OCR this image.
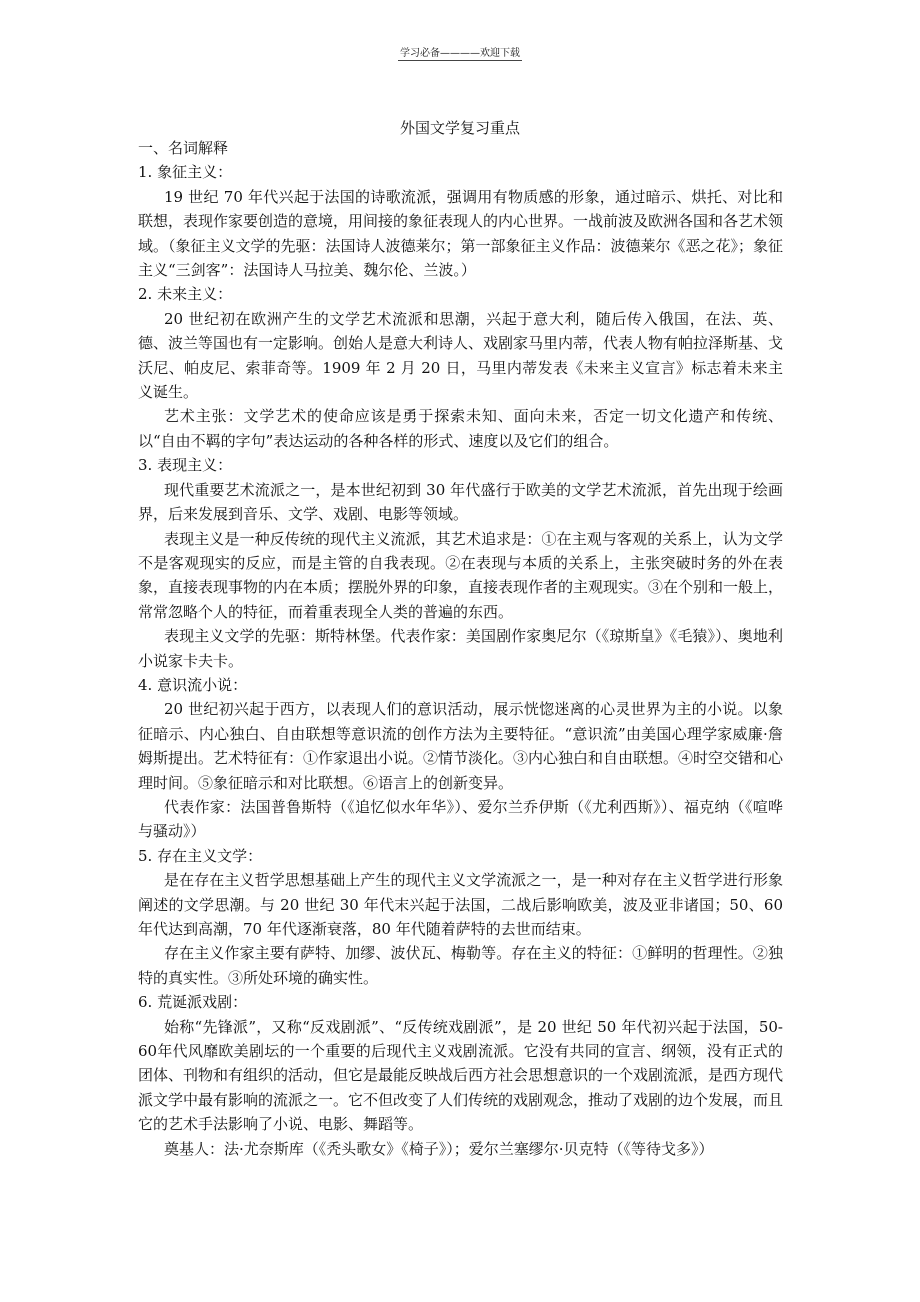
学习必备————欢迎下载
外国文学复习重点

一、名词解释

1. 象征主义：

19 世纪 70 年代兴起于法国的诗歌流派，强调用有物质感的形象，通过暗示、烘托、对比和联想，表现作家要创造的意境，用间接的象征表现人的内心世界。一战前波及欧洲各国和各艺术领域。（象征主义文学的先驱：法国诗人波德莱尔；第一部象征主义作品：波德莱尔《恶之花》；象征主义“三剑客”：法国诗人马拉美、魏尔伦、兰波。）

2. 未来主义：

20 世纪初在欧洲产生的文学艺术流派和思潮，兴起于意大利，随后传入俄国，在法、英、德、波兰等国也有一定影响。创始人是意大利诗人、戏剧家马里内蒂，代表人物有帕拉泽斯基、戈沃尼、帕皮尼、索菲奇等。1909 年 2 月 20 日，马里内蒂发表《未来主义宣言》标志着未来主义诞生。

艺术主张：文学艺术的使命应该是勇于探索未知、面向未来，否定一切文化遗产和传统、以“自由不羁的字句”表达运动的各种各样的形式、速度以及它们的组合。

3. 表现主义：

现代重要艺术流派之一，是本世纪初到 30 年代盛行于欧美的文学艺术流派，首先出现于绘画界，后来发展到音乐、文学、戏剧、电影等领域。

表现主义是一种反传统的现代主义流派，其艺术追求是：①在主观与客观的关系上，认为文学不是客观现实的反应，而是主管的自我表现。②在表现与本质的关系上，主张突破时务的外在表象，直接表现事物的内在本质；摆脱外界的印象，直接表现作者的主观现实。③在个别和一般上，常常忽略个人的特征，而着重表现全人类的普遍的东西。

表现主义文学的先驱：斯特林堡。代表作家：美国剧作家奥尼尔（《琼斯皇》《毛猿》）、奥地利小说家卡夫卡。

4. 意识流小说：

20 世纪初兴起于西方，以表现人们的意识活动，展示恍惚迷离的心灵世界为主的小说。以象征暗示、内心独白、自由联想等意识流的创作方法为主要特征。“意识流”由美国心理学家威廉·詹姆斯提出。艺术特征有：①作家退出小说。②情节淡化。③内心独白和自由联想。④时空交错和心理时间。⑤象征暗示和对比联想。⑥语言上的创新变异。

代表作家：法国普鲁斯特（《追忆似水年华》）、爱尔兰乔伊斯（《尤利西斯》）、福克纳（《喧哗与骚动》）

5. 存在主义文学：

是在存在主义哲学思想基础上产生的现代主义文学流派之一，是一种对存在主义哲学进行形象阐述的文学思潮。与 20 世纪 30 年代末兴起于法国，二战后影响欧美，波及亚非诸国；50、60 年代达到高潮，70 年代逐渐衰落，80 年代随着萨特的去世而结束。

存在主义作家主要有萨特、加缪、波伏瓦、梅勒等。存在主义的特征：①鲜明的哲理性。②独特的真实性。③所处环境的确实性。

6. 荒诞派戏剧：

始称“先锋派”，又称“反戏剧派”、“反传统戏剧派”，是 20 世纪 50 年代初兴起于法国，50-60年代风靡欧美剧坛的一个重要的后现代主义戏剧流派。它没有共同的宣言、纲领，没有正式的团体、刊物和有组织的活动，但它是最能反映战后西方社会思想意识的一个戏剧流派，是西方现代派文学中最有影响的流派之一。它不但改变了人们传统的戏剧观念，推动了戏剧的边个发展，而且它的艺术手法影响了小说、电影、舞蹈等。

奠基人：法·尤奈斯库（《秃头歌女》《椅子》）；爱尔兰塞缪尔·贝克特（《等待戈多》）
